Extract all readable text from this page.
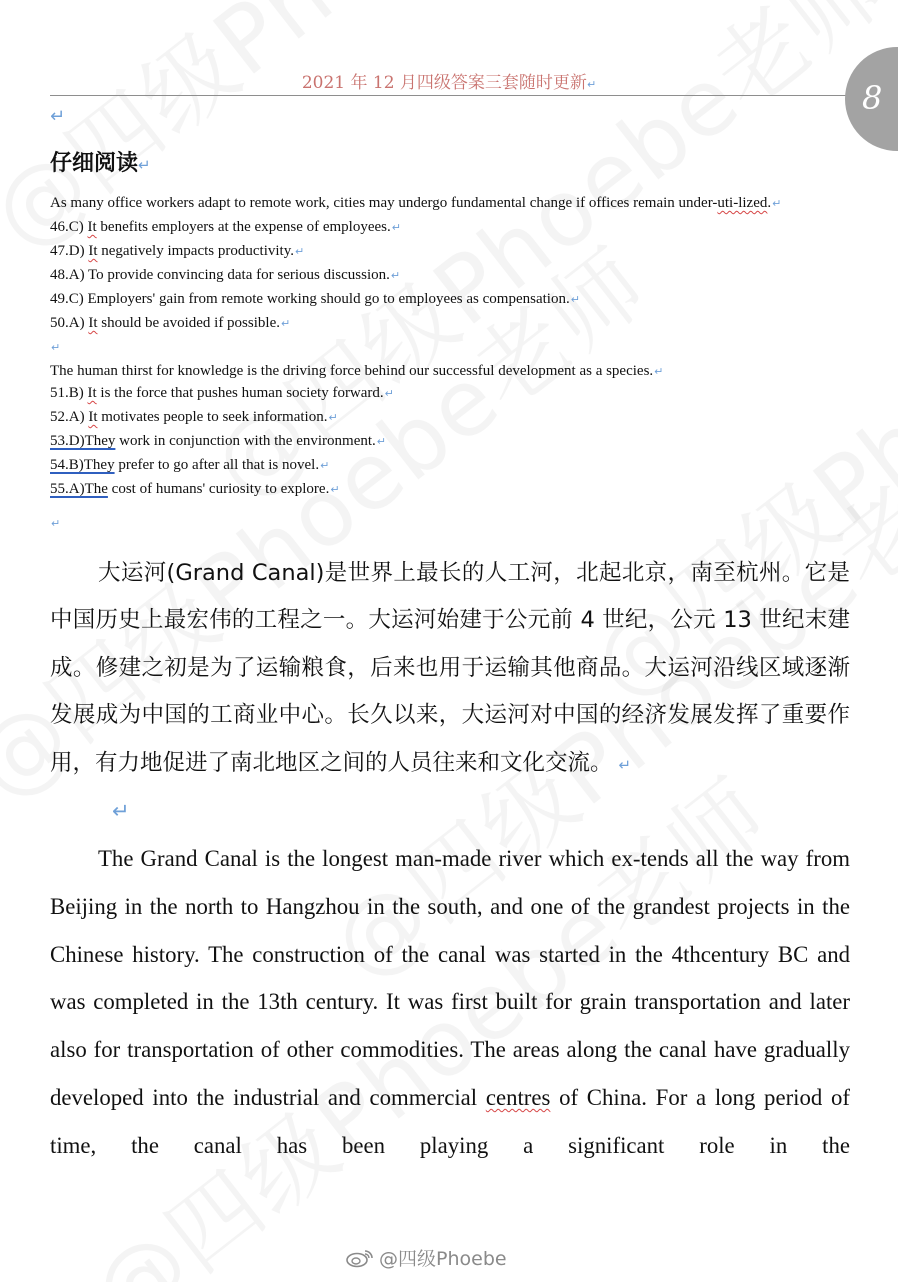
2021 年 12 月四级答案三套随时更新↵	8
↵
仔细阅读↵
As many office workers adapt to remote work, cities may undergo fundamental change if offices remain under-uti-lized.↵
46.C) It benefits employers at the expense of employees.↵
47.D) It negatively impacts productivity.↵
48.A) To provide convincing data for serious discussion.↵
49.C) Employers' gain from remote working should go to employees as compensation.↵
50.A) It should be avoided if possible.↵
↵
The human thirst for knowledge is the driving force behind our successful development as a species.↵
51.B) It is the force that pushes human society forward.↵
52.A) It motivates people to seek information.↵
53.D)They work in conjunction with the environment.↵
54.B)They prefer to go after all that is novel.↵
55.A)The cost of humans' curiosity to explore.↵
↵

大运河(Grand Canal)是世界上最长的人工河，北起北京，南至杭州。它是中国历史上最宏伟的工程之一。大运河始建于公元前 4 世纪，公元 13 世纪末建成。修建之初是为了运输粮食，后来也用于运输其他商品。大运河沿线区域逐渐发展成为中国的工商业中心。长久以来，大运河对中国的经济发展发挥了重要作用，有力地促进了南北地区之间的人员往来和文化交流。 ↵

↵

The Grand Canal is the longest man-made river which ex-tends all the way from Beijing in the north to Hangzhou in the south, and one of the grandest projects in the Chinese history. The construction of the canal was started in the 4thcentury BC and was completed in the 13th century. It was first built for grain transportation and later also for transportation of other commodities. The areas along the canal have gradually developed into the industrial and commercial centres of China. For a long period of time, the canal has been playing a significant role in the

@四级Phoebe
